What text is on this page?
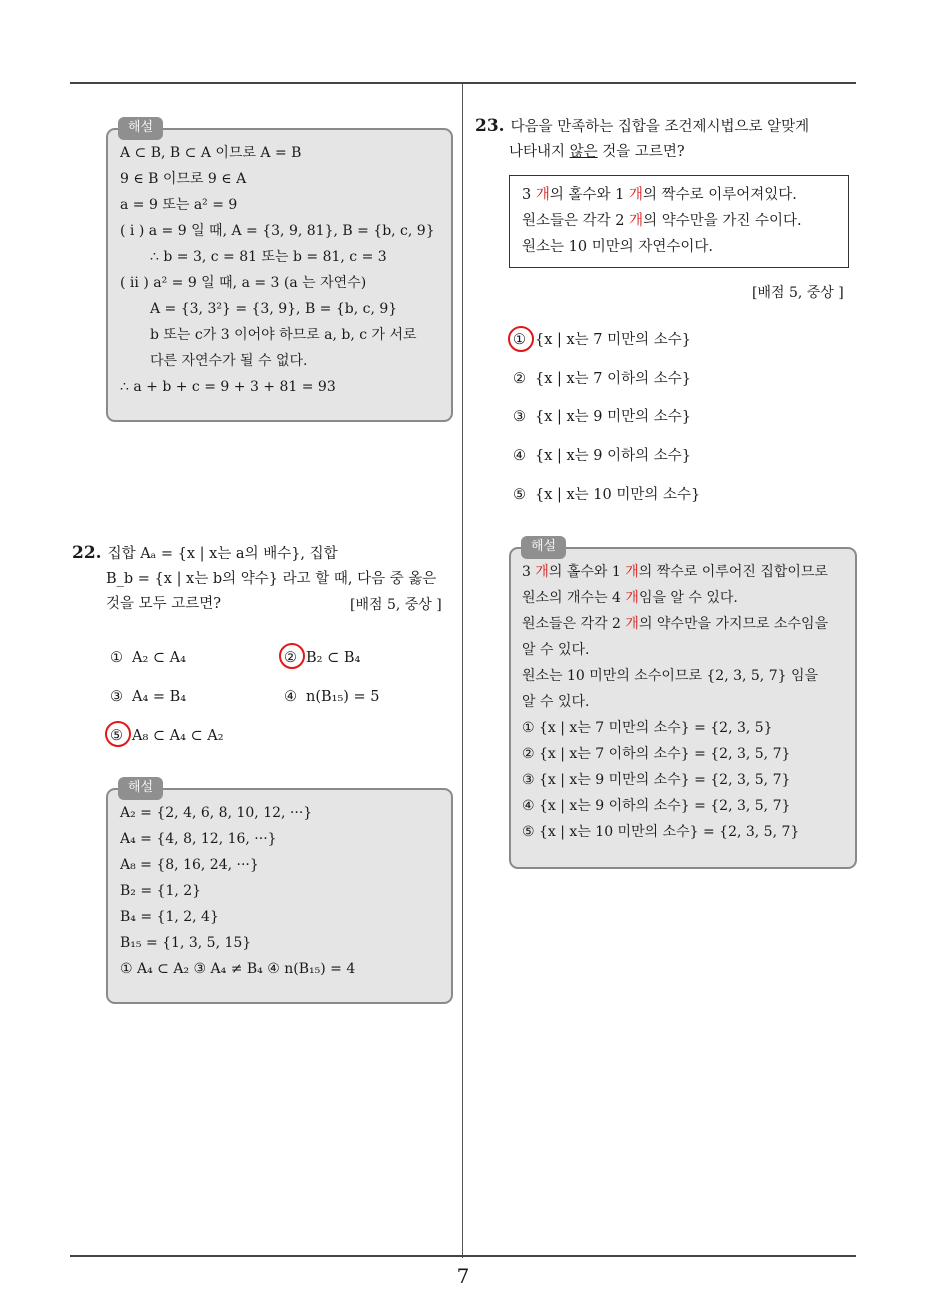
7
해설
A ⊂ B, B ⊂ A 이므로 A = B
9 ∈ B 이므로 9 ∈ A
a = 9 또는 a² = 9
( i ) a = 9 일 때, A = {3, 9, 81}, B = {b, c, 9}
∴ b = 3, c = 81 또는 b = 81, c = 3
( ii ) a² = 9 일 때, a = 3 (a 는 자연수)
A = {3, 3²} = {3, 9}, B = {b, c, 9}
b 또는 c가 3 이어야 하므로 a, b, c 가 서로
다른 자연수가 될 수 없다.
∴ a + b + c = 9 + 3 + 81 = 93
22. 집합 Aₐ = {x | x는 a의 배수}, 집합
B_b = {x | x는 b의 약수} 라고 할 때, 다음 중 옳은
것을 모두 고르면?	[배점 5, 중상 ]
① A₂ ⊂ A₄	② B₂ ⊂ B₄
③ A₄ = B₄	④ n(B₁₅) = 5
⑤ A₈ ⊂ A₄ ⊂ A₂
해설
A₂ = {2, 4, 6, 8, 10, 12, ···}
A₄ = {4, 8, 12, 16, ···}
A₈ = {8, 16, 24, ···}
B₂ = {1, 2}
B₄ = {1, 2, 4}
B₁₅ = {1, 3, 5, 15}
① A₄ ⊂ A₂ ③ A₄ ≠ B₄ ④ n(B₁₅) = 4
23. 다음을 만족하는 집합을 조건제시법으로 알맞게
나타내지 않은 것을 고르면?
3 개의 홀수와 1 개의 짝수로 이루어져있다.
원소들은 각각 2 개의 약수만을 가진 수이다.
원소는 10 미만의 자연수이다.
[배점 5, 중상 ]
① {x | x는 7 미만의 소수}
② {x | x는 7 이하의 소수}
③ {x | x는 9 미만의 소수}
④ {x | x는 9 이하의 소수}
⑤ {x | x는 10 미만의 소수}
해설
3 개의 홀수와 1 개의 짝수로 이루어진 집합이므로
원소의 개수는 4 개임을 알 수 있다.
원소들은 각각 2 개의 약수만을 가지므로 소수임을
알 수 있다.
원소는 10 미만의 소수이므로 {2, 3, 5, 7} 임을
알 수 있다.
① {x | x는 7 미만의 소수} = {2, 3, 5}
② {x | x는 7 이하의 소수} = {2, 3, 5, 7}
③ {x | x는 9 미만의 소수} = {2, 3, 5, 7}
④ {x | x는 9 이하의 소수} = {2, 3, 5, 7}
⑤ {x | x는 10 미만의 소수} = {2, 3, 5, 7}
